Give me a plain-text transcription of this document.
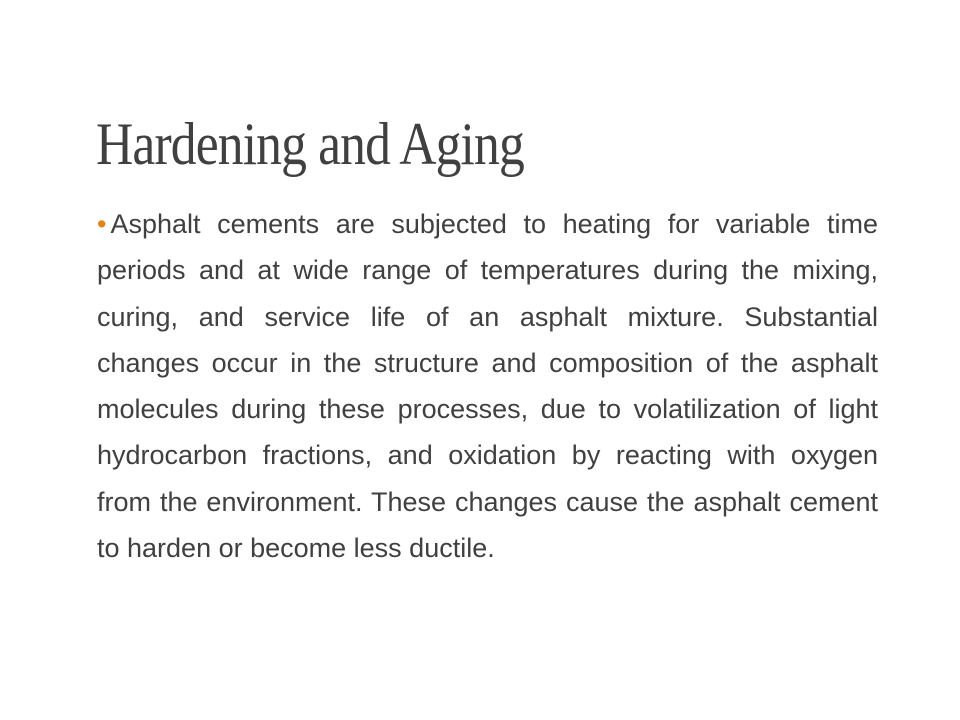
Hardening and Aging

• Asphalt cements are subjected to heating for variable time periods and at wide range of temperatures during the mixing, curing, and service life of an asphalt mixture. Substantial changes occur in the structure and composition of the asphalt molecules during these processes, due to volatilization of light hydrocarbon fractions, and oxidation by reacting with oxygen from the environment. These changes cause the asphalt cement to harden or become less ductile.
